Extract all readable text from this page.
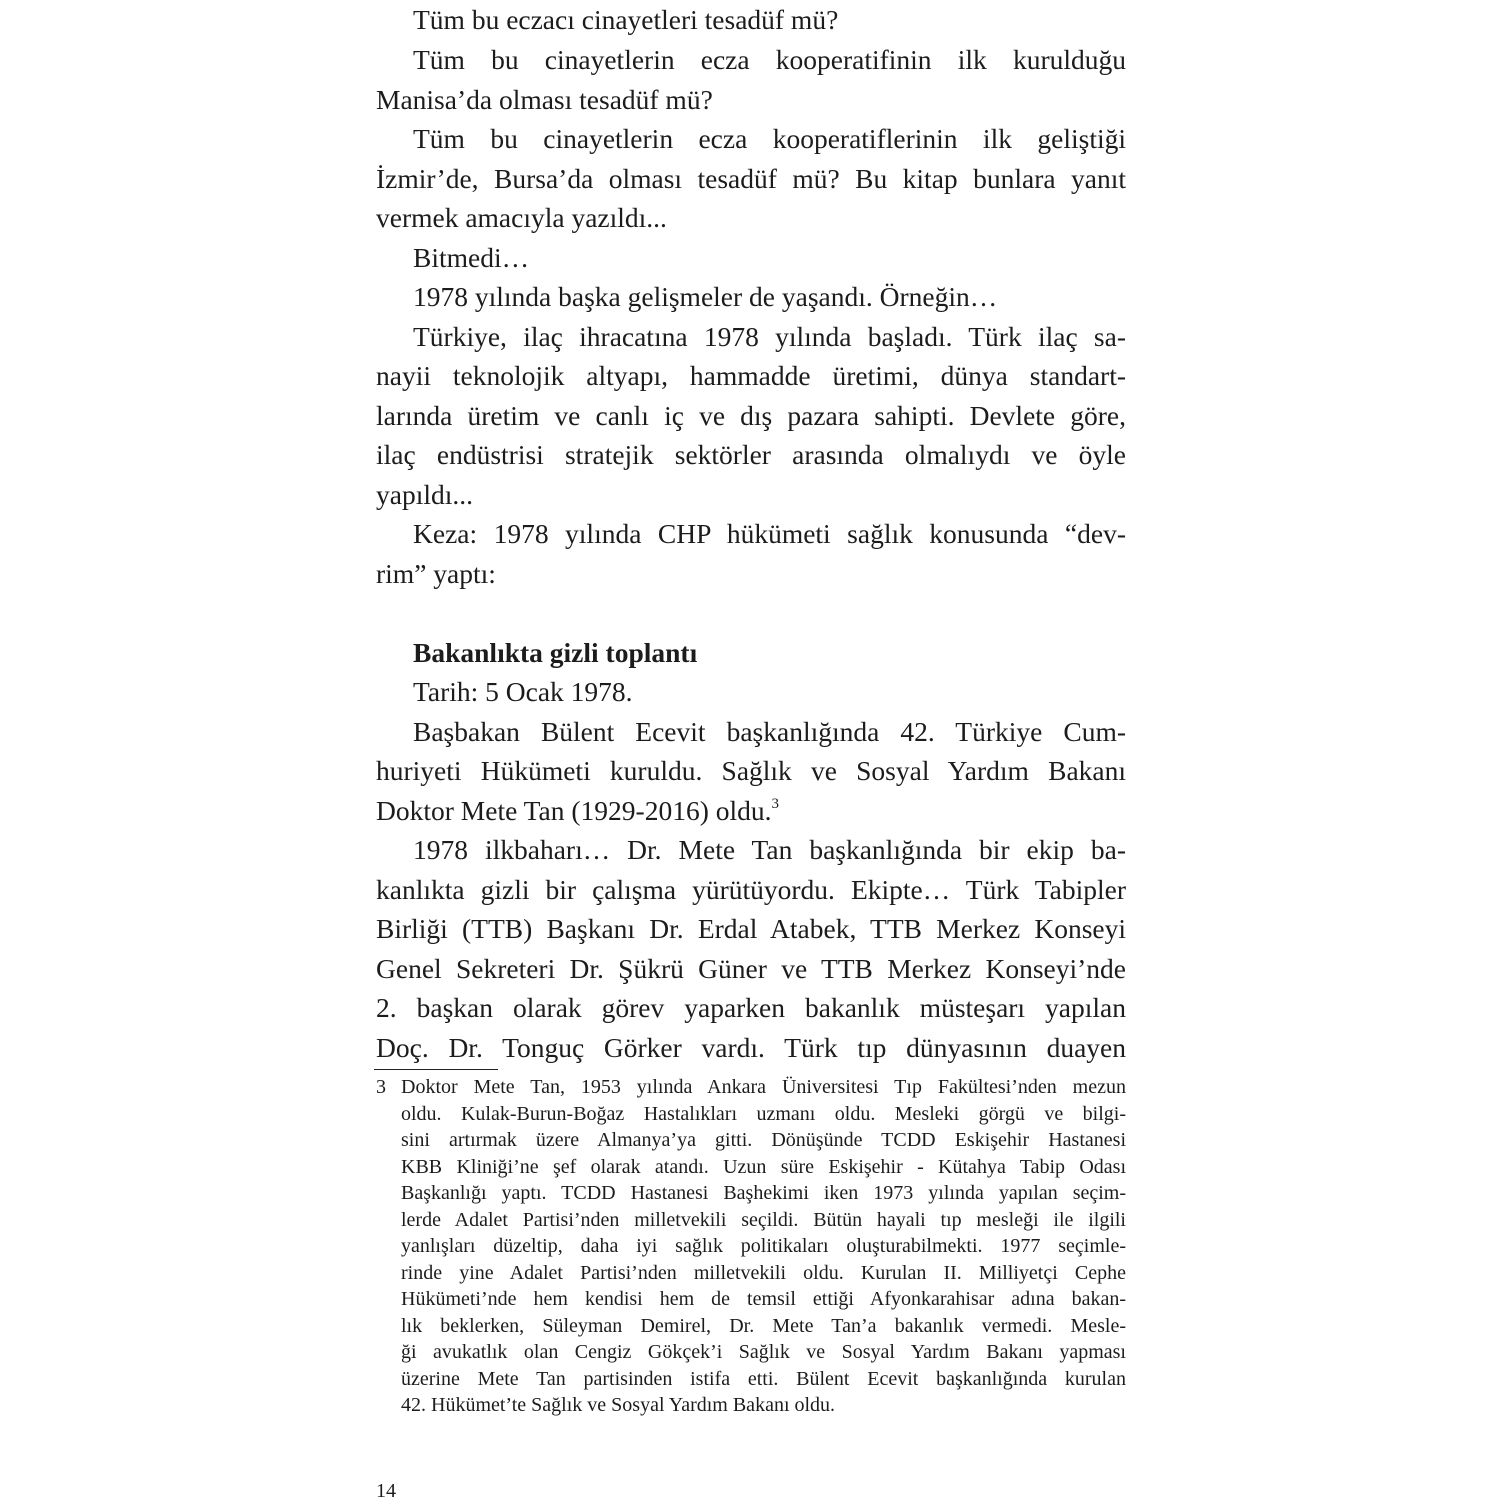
Tüm bu eczacı cinayetleri tesadüf mü?
Tüm bu cinayetlerin ecza kooperatifinin ilk kurulduğu
Manisa’da olması tesadüf mü?
Tüm bu cinayetlerin ecza kooperatiflerinin ilk geliştiği
İzmir’de, Bursa’da olması tesadüf mü? Bu kitap bunlara yanıt
vermek amacıyla yazıldı...
Bitmedi…
1978 yılında başka gelişmeler de yaşandı. Örneğin…
Türkiye, ilaç ihracatına 1978 yılında başladı. Türk ilaç sa-
nayii teknolojik altyapı, hammadde üretimi, dünya standart-
larında üretim ve canlı iç ve dış pazara sahipti. Devlete göre,
ilaç endüstrisi stratejik sektörler arasında olmalıydı ve öyle
yapıldı...
Keza: 1978 yılında CHP hükümeti sağlık konusunda “dev-
rim” yaptı:
Bakanlıkta gizli toplantı
Tarih: 5 Ocak 1978.
Başbakan Bülent Ecevit başkanlığında 42. Türkiye Cum-
huriyeti Hükümeti kuruldu. Sağlık ve Sosyal Yardım Bakanı
Doktor Mete Tan (1929-2016) oldu.$^3$
1978 ilkbaharı… Dr. Mete Tan başkanlığında bir ekip ba-
kanlıkta gizli bir çalışma yürütüyordu. Ekipte… Türk Tabipler
Birliği (TTB) Başkanı Dr. Erdal Atabek, TTB Merkez Konseyi
Genel Sekreteri Dr. Şükrü Güner ve TTB Merkez Konseyi’nde
2. başkan olarak görev yaparken bakanlık müsteşarı yapılan
Doç. Dr. Tonguç Görker vardı. Türk tıp dünyasının duayen
3 Doktor Mete Tan, 1953 yılında Ankara Üniversitesi Tıp Fakültesi’nden mezun
oldu. Kulak-Burun-Boğaz Hastalıkları uzmanı oldu. Mesleki görgü ve bilgi-
sini artırmak üzere Almanya’ya gitti. Dönüşünde TCDD Eskişehir Hastanesi
KBB Kliniği’ne şef olarak atandı. Uzun süre Eskişehir - Kütahya Tabip Odası
Başkanlığı yaptı. TCDD Hastanesi Başhekimi iken 1973 yılında yapılan seçim-
lerde Adalet Partisi’nden milletvekili seçildi. Bütün hayali tıp mesleği ile ilgili
yanlışları düzeltip, daha iyi sağlık politikaları oluşturabilmekti. 1977 seçimle-
rinde yine Adalet Partisi’nden milletvekili oldu. Kurulan II. Milliyetçi Cephe
Hükümeti’nde hem kendisi hem de temsil ettiği Afyonkarahisar adına bakan-
lık beklerken, Süleyman Demirel, Dr. Mete Tan’a bakanlık vermedi. Mesle-
ği avukatlık olan Cengiz Gökçek’i Sağlık ve Sosyal Yardım Bakanı yapması
üzerine Mete Tan partisinden istifa etti. Bülent Ecevit başkanlığında kurulan
42. Hükümet’te Sağlık ve Sosyal Yardım Bakanı oldu.
14
